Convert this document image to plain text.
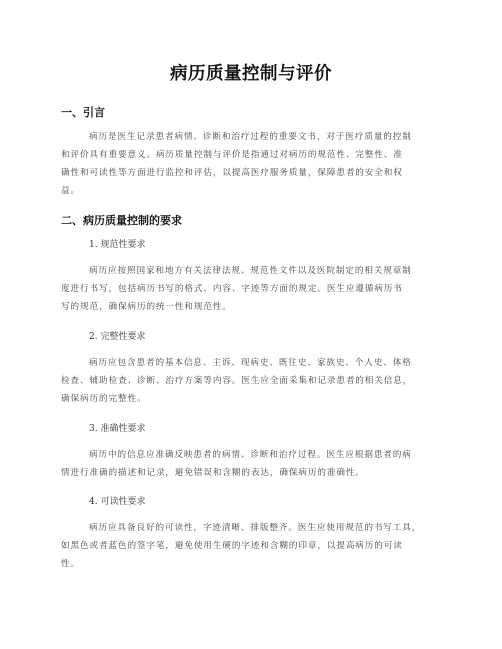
病历质量控制与评价
一、引言
病历是医生记录患者病情、诊断和治疗过程的重要文书，对于医疗质量的控制
和评价具有重要意义。病历质量控制与评价是指通过对病历的规范性、完整性、准
确性和可读性等方面进行监控和评估，以提高医疗服务质量，保障患者的安全和权
益。
二、病历质量控制的要求
1. 规范性要求
病历应按照国家和地方有关法律法规、规范性文件以及医院制定的相关规章制
度进行书写，包括病历书写的格式、内容、字迹等方面的规定。医生应遵循病历书
写的规范，确保病历的统一性和规范性。
2. 完整性要求
病历应包含患者的基本信息、主诉、现病史、既往史、家族史、个人史、体格
检查、辅助检查、诊断、治疗方案等内容。医生应全面采集和记录患者的相关信息，
确保病历的完整性。
3. 准确性要求
病历中的信息应准确反映患者的病情、诊断和治疗过程。医生应根据患者的病
情进行准确的描述和记录，避免错误和含糊的表达，确保病历的准确性。
4. 可读性要求
病历应具备良好的可读性，字迹清晰、排版整齐。医生应使用规范的书写工具，
如黑色或者蓝色的签字笔，避免使用生硬的字迹和含糊的印章，以提高病历的可读
性。
